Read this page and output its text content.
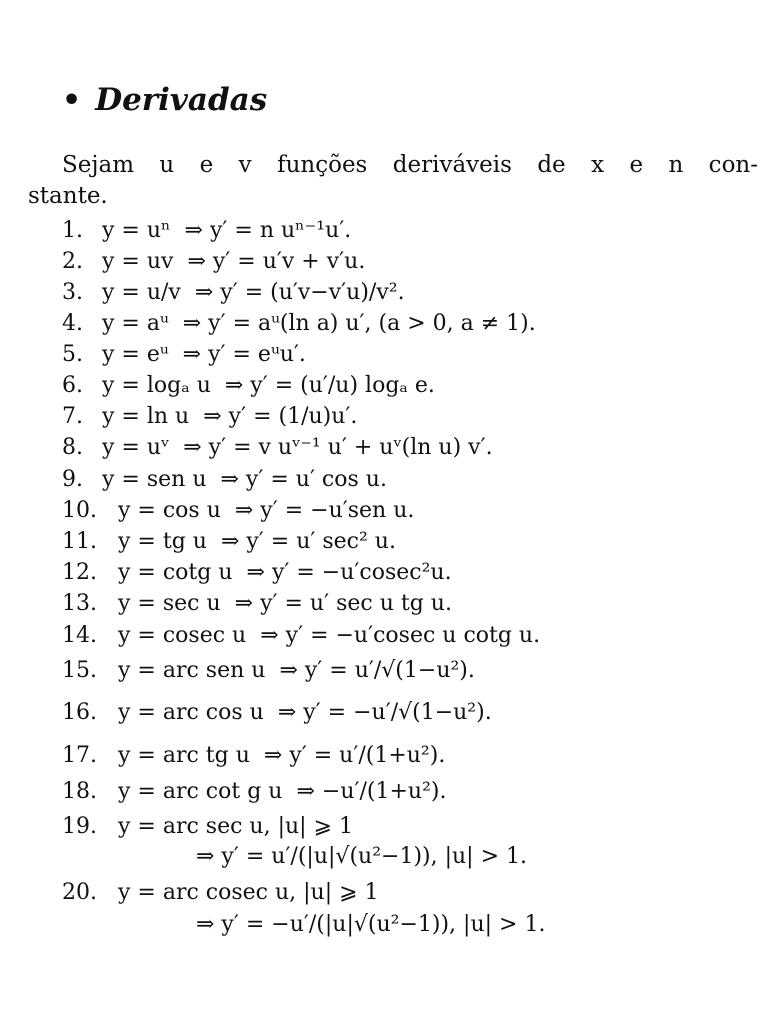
• Derivadas
Sejam u e v funções deriváveis de x e n con-
stante.
1. y = uⁿ
⇒ y′ = n uⁿ⁻¹u′.
2. y = uv
⇒ y′ = u′v + v′u.
3. y = u/v
⇒ y′ = (u′v−v′u)/v².
4. y = aᵘ
⇒ y′ = aᵘ(ln a) u′, (a > 0, a ≠ 1).
5. y = eᵘ
⇒ y′ = eᵘu′.
6. y = logₐ u
⇒ y′ = (u′/u) logₐ e.
7. y = ln u
⇒ y′ = (1/u)u′.
8. y = uᵛ
⇒ y′ = v uᵛ⁻¹ u′ + uᵛ(ln u) v′.
9. y = sen u
⇒ y′ = u′ cos u.
10. y = cos u
⇒ y′ = −u′sen u.
11. y = tg u
⇒ y′ = u′ sec² u.
12. y = cotg u
⇒ y′ = −u′cosec²u.
13. y = sec u
⇒ y′ = u′ sec u tg u.
14. y = cosec u
⇒ y′ = −u′cosec u cotg u.
15. y = arc sen u
⇒ y′ = u′/√(1−u²).
16. y = arc cos u
⇒ y′ = −u′/√(1−u²).
17. y = arc tg u
⇒ y′ = u′/(1+u²).
18. y = arc cot g u
⇒ −u′/(1+u²).
19. y = arc sec u, |u| ⩾ 1
⇒ y′ = u′/(|u|√(u²−1)), |u| > 1.
20. y = arc cosec u, |u| ⩾ 1
⇒ y′ = −u′/(|u|√(u²−1)), |u| > 1.
